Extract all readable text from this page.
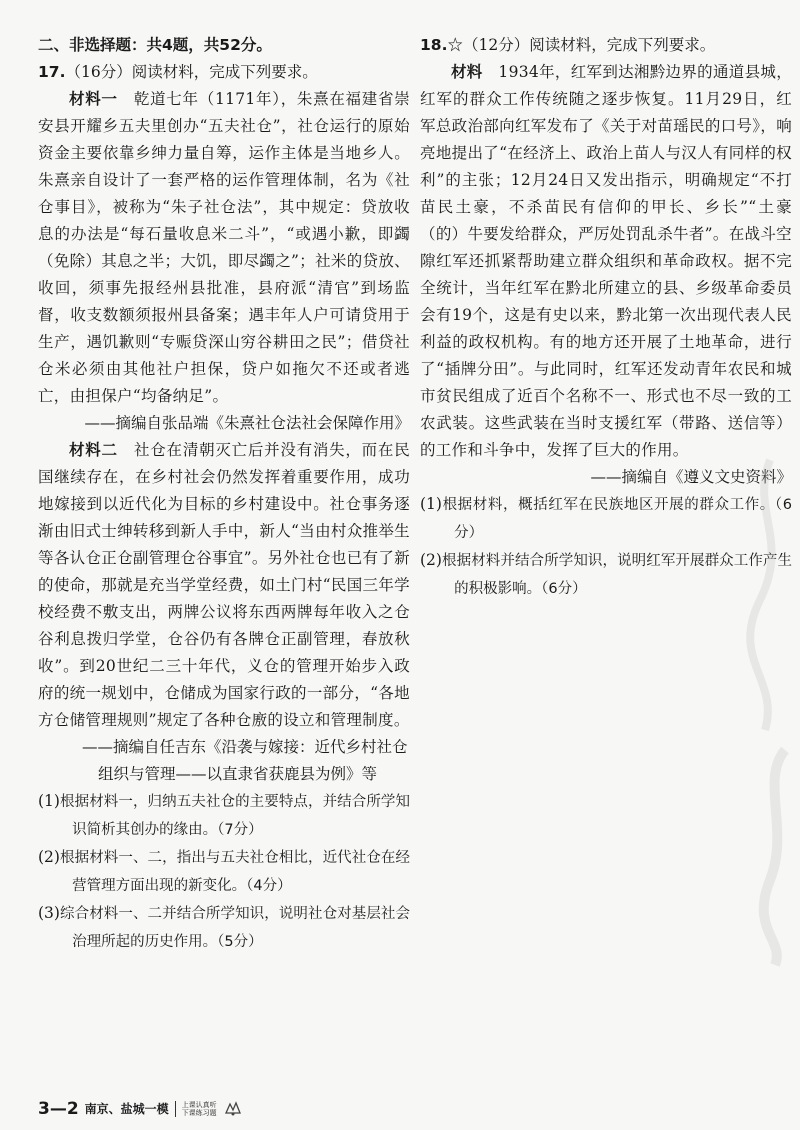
二、非选择题：共4题，共52分。

17.（16分）阅读材料，完成下列要求。

材料一　乾道七年（1171年），朱熹在福建省崇安县开耀乡五夫里创办“五夫社仓”，社仓运行的原始资金主要依靠乡绅力量自筹，运作主体是当地乡人。朱熹亲自设计了一套严格的运作管理体制，名为《社仓事目》，被称为“朱子社仓法”，其中规定：贷放收息的办法是“每石量收息米二斗”，“或遇小歉，即蠲（免除）其息之半；大饥，即尽蠲之”；社米的贷放、收回，须事先报经州县批准，县府派“清官”到场监督，收支数额须报州县备案；遇丰年人户可请贷用于生产，遇饥歉则“专赈贷深山穷谷耕田之民”；借贷社仓米必须由其他社户担保，贷户如拖欠不还或者逃亡，由担保户“均备纳足”。

——摘编自张品端《朱熹社仓法社会保障作用》

材料二　社仓在清朝灭亡后并没有消失，而在民国继续存在，在乡村社会仍然发挥着重要作用，成功地嫁接到以近代化为目标的乡村建设中。社仓事务逐渐由旧式士绅转移到新人手中，新人“当由村众推举生等各认仓正仓副管理仓谷事宜”。另外社仓也已有了新的使命，那就是充当学堂经费，如土门村“民国三年学校经费不敷支出，两牌公议将东西两牌每年收入之仓谷利息拨归学堂，仓谷仍有各牌仓正副管理，春放秋收”。到20世纪二三十年代，义仓的管理开始步入政府的统一规划中，仓储成为国家行政的一部分，“各地方仓储管理规则”规定了各种仓廒的设立和管理制度。

——摘编自任吉东《沿袭与嫁接：近代乡村社仓

组织与管理——以直隶省获鹿县为例》等

(1)根据材料一，归纳五夫社仓的主要特点，并结合所学知识简析其创办的缘由。（7分）

(2)根据材料一、二，指出与五夫社仓相比，近代社仓在经营管理方面出现的新变化。（4分）

(3)综合材料一、二并结合所学知识，说明社仓对基层社会治理所起的历史作用。（5分）

18.☆（12分）阅读材料，完成下列要求。

材料　1934年，红军到达湘黔边界的通道县城，红军的群众工作传统随之逐步恢复。11月29日，红军总政治部向红军发布了《关于对苗瑶民的口号》，响亮地提出了“在经济上、政治上苗人与汉人有同样的权利”的主张；12月24日又发出指示，明确规定“不打苗民土豪，不杀苗民有信仰的甲长、乡长”“土豪（的）牛要发给群众，严厉处罚乱杀牛者”。在战斗空隙红军还抓紧帮助建立群众组织和革命政权。据不完全统计，当年红军在黔北所建立的县、乡级革命委员会有19个，这是有史以来，黔北第一次出现代表人民利益的政权机构。有的地方还开展了土地革命，进行了“插牌分田”。与此同时，红军还发动青年农民和城市贫民组成了近百个名称不一、形式也不尽一致的工农武装。这些武装在当时支援红军（带路、送信等）的工作和斗争中，发挥了巨大的作用。

——摘编自《遵义文史资料》

(1)根据材料，概括红军在民族地区开展的群众工作。（6分）

(2)根据材料并结合所学知识，说明红军开展群众工作产生的积极影响。（6分）

3—2 南京、盐城一模 上课认真听
下课练习题
